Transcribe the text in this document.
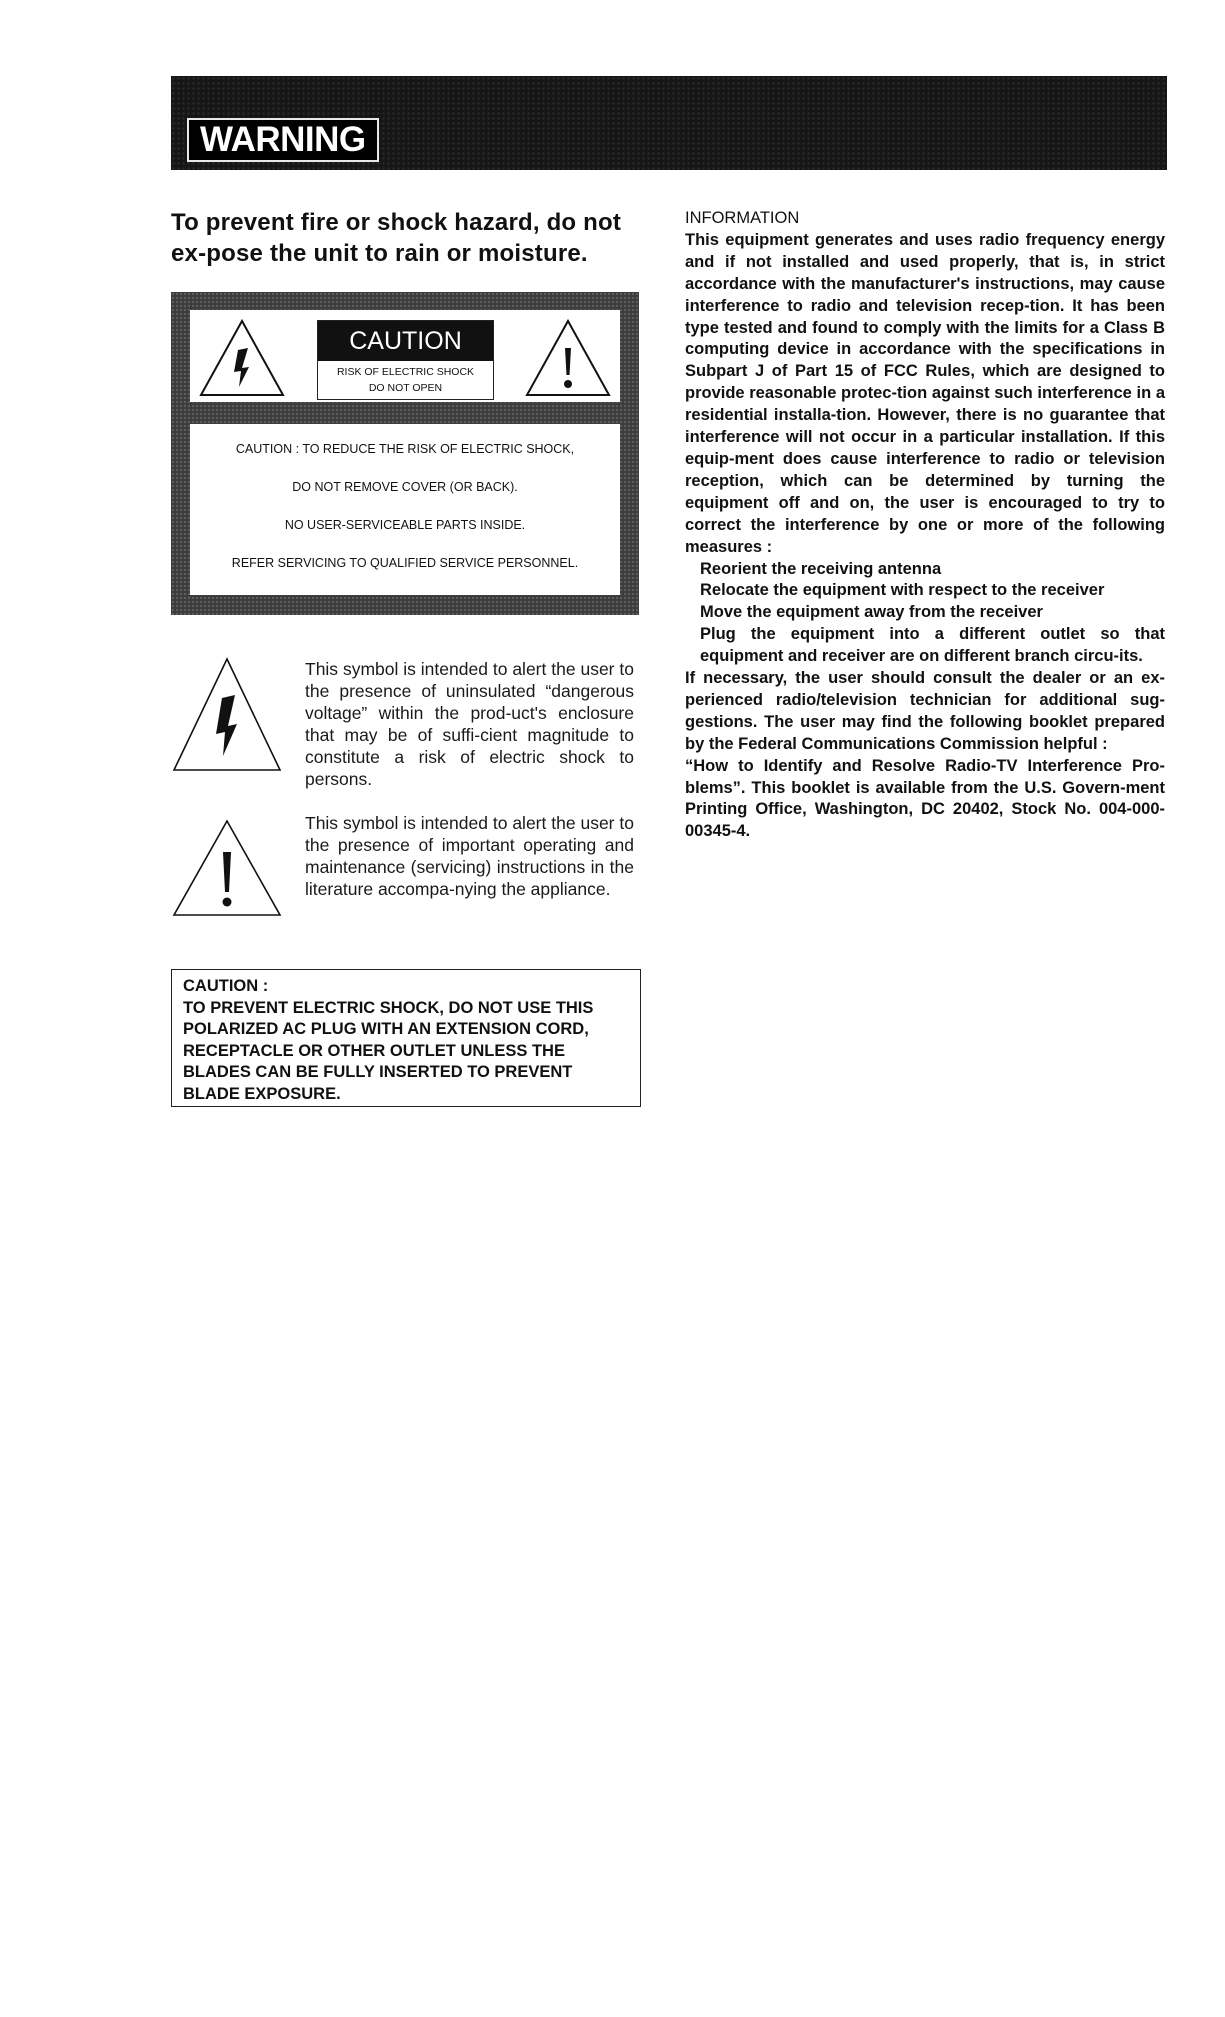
WARNING
To prevent fire or shock hazard, do not ex-pose the unit to rain or moisture.
CAUTION
RISK OF ELECTRIC SHOCK
DO NOT OPEN
CAUTION : TO REDUCE THE RISK OF ELECTRIC SHOCK,
DO NOT REMOVE COVER (OR BACK).
NO USER-SERVICEABLE PARTS INSIDE.
REFER SERVICING TO QUALIFIED SERVICE PERSONNEL.
This symbol is intended to alert the user to the presence of uninsulated “dangerous voltage” within the prod-uct's enclosure that may be of suffi-cient magnitude to constitute a risk of electric shock to persons.
This symbol is intended to alert the user to the presence of important operating and maintenance (servicing) instructions in the literature accompa-nying the appliance.
CAUTION :
TO PREVENT ELECTRIC SHOCK, DO NOT USE THIS
POLARIZED AC PLUG WITH AN EXTENSION CORD,
RECEPTACLE OR OTHER OUTLET UNLESS THE
BLADES CAN BE FULLY INSERTED TO PREVENT
BLADE EXPOSURE.

INFORMATION

This equipment generates and uses radio frequency energy and if not installed and used properly, that is, in strict accordance with the manufacturer's instructions, may cause interference to radio and television recep-tion. It has been type tested and found to comply with the limits for a Class B computing device in accordance with the specifications in Subpart J of Part 15 of FCC Rules, which are designed to provide reasonable protec-tion against such interference in a residential installa-tion. However, there is no guarantee that interference will not occur in a particular installation. If this equip-ment does cause interference to radio or television reception, which can be determined by turning the equipment off and on, the user is encouraged to try to correct the interference by one or more of the following measures :

Reorient the receiving antenna

Relocate the equipment with respect to the receiver

Move the equipment away from the receiver

Plug the equipment into a different outlet so that equipment and receiver are on different branch circu-its.

If necessary, the user should consult the dealer or an ex-perienced radio/television technician for additional sug-gestions. The user may find the following booklet prepared by the Federal Communications Commission helpful :

“How to Identify and Resolve Radio-TV Interference Pro-blems”. This booklet is available from the U.S. Govern-ment Printing Office, Washington, DC 20402, Stock No. 004-000-00345-4.
